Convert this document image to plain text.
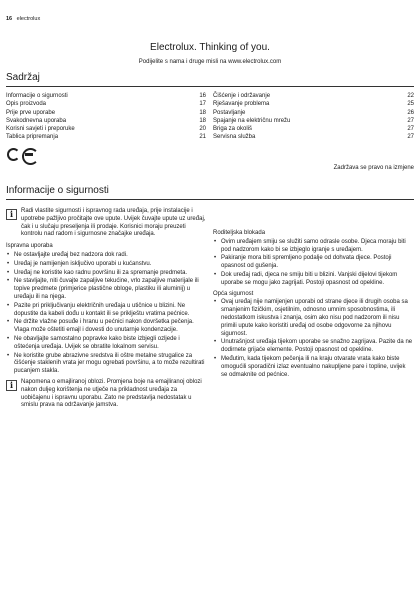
16 electrolux
Electrolux. Thinking of you.
Podijelite s nama i druge misli na www.electrolux.com
Sadržaj
Informacije o sigurnosti	16
Opis proizvoda	17
Prije prve uporabe	18
Svakodnevna uporaba	18
Korisni savjeti i preporuke	20
Tablica pripremanja	21
Čišćenje i održavanje	22
Rješavanje problema	25
Postavljanje	26
Spajanje na električnu mrežu	27
Briga za okoliš	27
Servisna služba	27
Zadržava se pravo na izmjene
Informacije o sigurnosti
i	Radi vlastite sigurnosti i ispravnog rada uređaja, prije instalacije i upotrebe pažljivo pročitajte ove upute. Uvijek čuvajte upute uz uređaj, čak i u slučaju preseljenja ili prodaje. Korisnici moraju preuzeti kontrolu nad radom i sigurnosne značajke uređaja.

Ispravna uporaba
• Ne ostavljajte uređaj bez nadzora dok radi.
• Uređaj je namijenjen isključivo uporabi u kućanstvu.
• Uređaj ne koristite kao radnu površinu ili za spremanje predmeta.
• Ne stavljajte, niti čuvajte zapaljive tekućine, vrlo zapaljive materijale ili topive predmete (primjerice plastične obloge, plastiku ili aluminij) u uređaju ili na njega.
• Pazite pri priključivanju električnih uređaja u utičnice u blizini. Ne dopustite da kabeli dođu u kontakt ili se priklještu vratima pećnice.
• Ne držite vlažne posuđe i hranu u pećnici nakon dovršetka pečenja. Vlaga može oštetiti emajl i dovesti do unutarnje kondenzacije.
• Ne obavljajte samostalno popravke kako biste izbjegli ozljede i oštećenja uređaja. Uvijek se obratite lokalnom servisu.
• Ne koristite grube abrazivne sredstva ili oštre metalne strugalice za čišćenje staklenih vrata jer mogu ogrebati površinu, a to može rezultirati pucanjem stakla.
i	Napomena o emajliranoj oblozi. Promjena boje na emajliranoj oblozi nakon duljeg korištenja ne utječe na prikladnost uređaja za uobičajenu i ispravnu uporabu. Zato ne predstavlja nedostatak u smislu prava na održavanje jamstva.

Roditeljska blokada
• Ovim uređajem smiju se služiti samo odrasle osobe. Djeca moraju biti pod nadzorom kako bi se izbjeglo igranje s uređajem.
• Pakiranje mora biti spremljeno podalje od dohvata djece. Postoji opasnost od gušenja.
• Dok uređaj radi, djeca ne smiju biti u blizini. Vanjski dijelovi tijekom uporabe se mogu jako zagrijati. Postoji opasnost od opekline.
Opća sigurnost
• Ovaj uređaj nije namijenjen uporabi od strane djece ili drugih osoba sa smanjenim fizičkim, osjetilnim, odnosno umnim sposobnostima, ili nedostatkom iskustva i znanja, osim ako nisu pod nadzorom ili nisu primili upute kako koristiti uređaj od osobe odgovorne za njihovu sigurnost.
• Unutrašnjost uređaja tijekom uporabe se snažno zagrijava. Pazite da ne dodirnete grijaće elemente. Postoji opasnost od opekline.
• Međutim, kada tijekom pečenja ili na kraju otvarate vrata kako biste omogućili sporadični izlaz eventualno nakupljene pare i topline, uvijek se odmaknite od pećnice.
